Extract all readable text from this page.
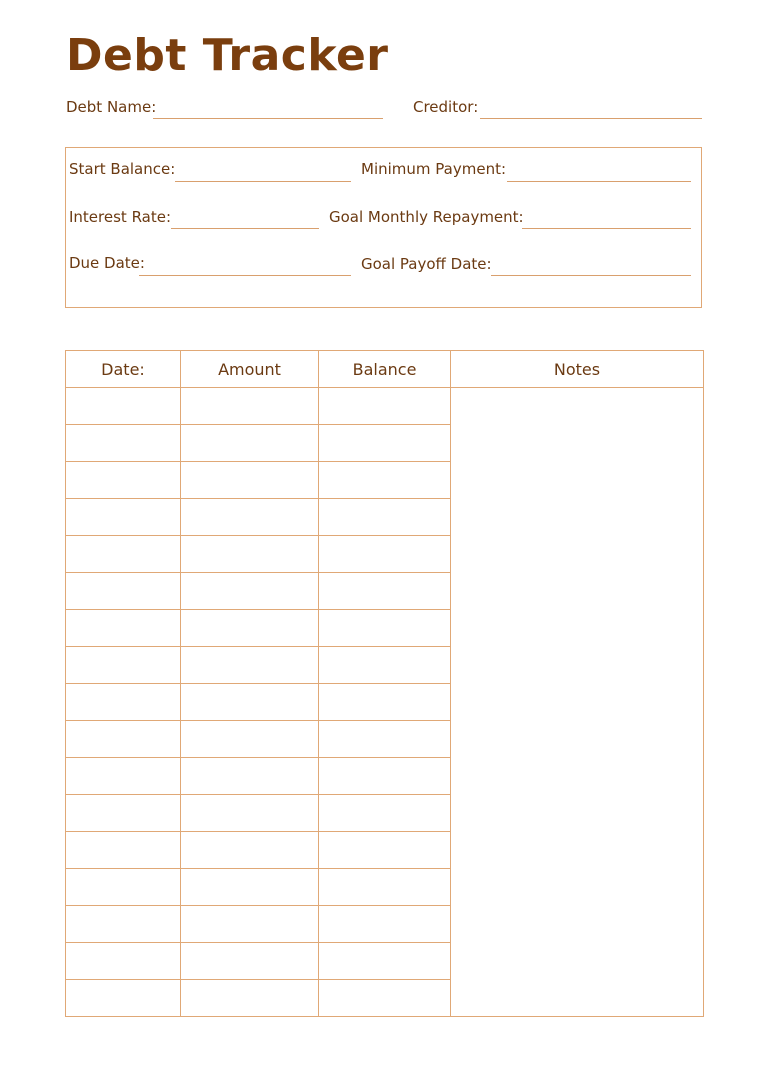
Debt Tracker
Debt Name:	Creditor:
Start Balance:	Minimum Payment:
Interest Rate:	Goal Monthly Repayment:
Due Date:	Goal Payoff Date:
Date:	Amount	Balance	Notes
